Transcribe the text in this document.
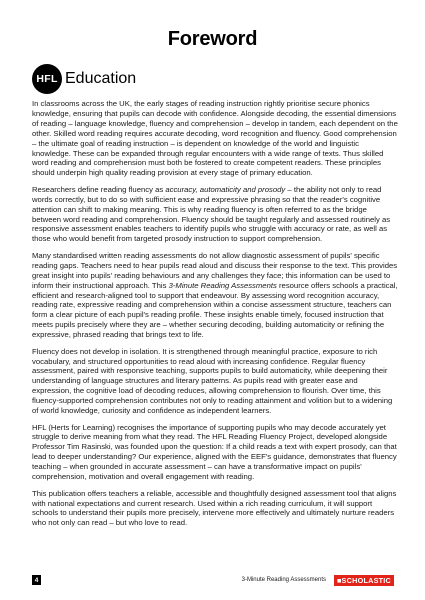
Foreword
HFL Education

In classrooms across the UK, the early stages of reading instruction rightly prioritise secure phonics knowledge, ensuring that pupils can decode with confidence. Alongside decoding, the essential dimensions of reading – language knowledge, fluency and comprehension – develop in tandem, each dependent on the other. Skilled word reading requires accurate decoding, word recognition and fluency. Good comprehension – the ultimate goal of reading instruction – is dependent on knowledge of the world and linguistic knowledge. These can be expanded through regular encounters with a wide range of texts. Thus skilled word reading and comprehension must both be fostered to create competent readers. These principles should underpin high quality reading provision at every stage of primary education.

Researchers define reading fluency as accuracy, automaticity and prosody – the ability not only to read words correctly, but to do so with sufficient ease and expressive phrasing so that the reader's cognitive attention can shift to making meaning. This is why reading fluency is often referred to as the bridge between word reading and comprehension. Fluency should be taught regularly and assessed routinely as responsive assessment enables teachers to identify pupils who struggle with accuracy or rate, as well as those who would benefit from targeted prosody instruction to support comprehension.

Many standardised written reading assessments do not allow diagnostic assessment of pupils' specific reading gaps. Teachers need to hear pupils read aloud and discuss their response to the text. This provides great insight into pupils' reading behaviours and any challenges they face; this information can be used to inform their instructional approach. This 3-Minute Reading Assessments resource offers schools a practical, efficient and research-aligned tool to support that endeavour. By assessing word recognition accuracy, reading rate, expressive reading and comprehension within a concise assessment structure, teachers can form a clear picture of each pupil's reading profile. These insights enable timely, focused instruction that meets pupils precisely where they are – whether securing decoding, building automaticity or refining the expressive, phrased reading that brings text to life.

Fluency does not develop in isolation. It is strengthened through meaningful practice, exposure to rich vocabulary, and structured opportunities to read aloud with increasing confidence. Regular fluency assessment, paired with responsive teaching, supports pupils to build automaticity, while deepening their understanding of language structures and literary patterns. As pupils read with greater ease and expression, the cognitive load of decoding reduces, allowing comprehension to flourish. Over time, this fluency-supported comprehension contributes not only to reading attainment and volition but to a widening of world knowledge, curiosity and confidence as independent learners.

HFL (Herts for Learning) recognises the importance of supporting pupils who may decode accurately yet struggle to derive meaning from what they read. The HFL Reading Fluency Project, developed alongside Professor Tim Rasinski, was founded upon the question: If a child reads a text with expert prosody, can that lead to deeper understanding? Our experience, aligned with the EEF's guidance, demonstrates that fluency teaching – when grounded in accurate assessment – can have a transformative impact on pupils' comprehension, motivation and overall engagement with reading.

This publication offers teachers a reliable, accessible and thoughtfully designed assessment tool that aligns with national expectations and current research. Used within a rich reading curriculum, it will support schools to understand their pupils more precisely, intervene more effectively and ultimately nurture readers who not only can read – but who love to read.

4	3-Minute Reading Assessments	■SCHOLASTIC
